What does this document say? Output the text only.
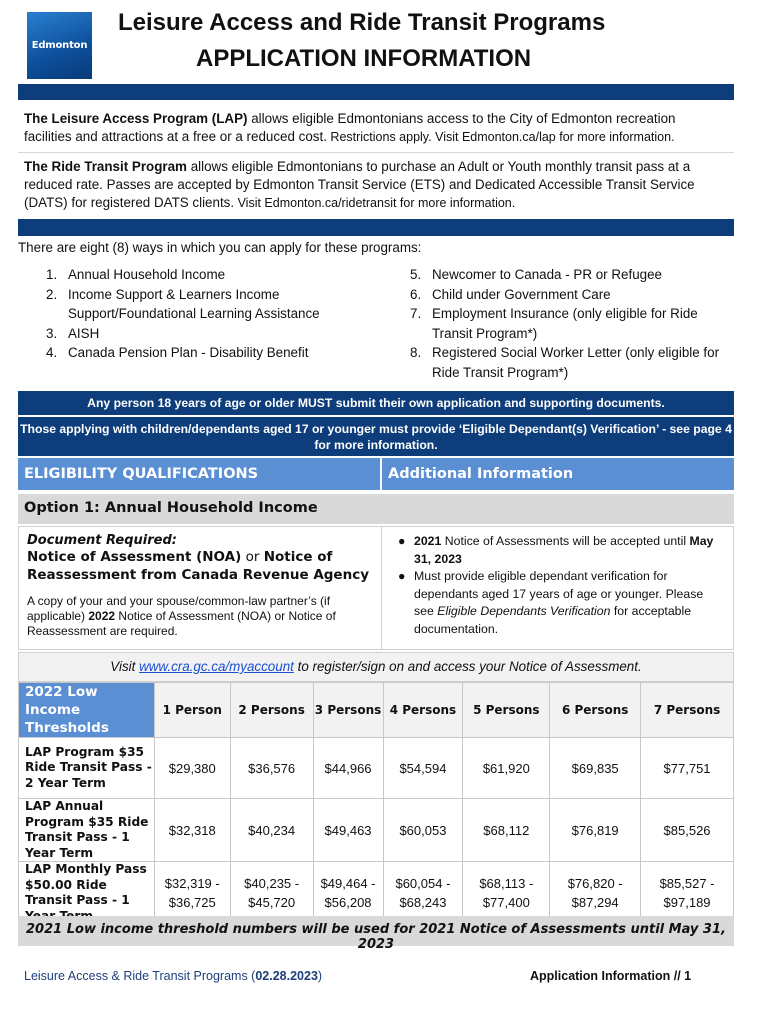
Edmonton
Leisure Access and Ride Transit Programs
APPLICATION INFORMATION
The Leisure Access Program (LAP) allows eligible Edmontonians access to the City of Edmonton recreation facilities and attractions at a free or a reduced cost. Restrictions apply. Visit Edmonton.ca/lap for more information.
The Ride Transit Program allows eligible Edmontonians to purchase an Adult or Youth monthly transit pass at a reduced rate. Passes are accepted by Edmonton Transit Service (ETS) and Dedicated Accessible Transit Service (DATS) for registered DATS clients. Visit Edmonton.ca/ridetransit for more information.
There are eight (8) ways in which you can apply for these programs:
1. Annual Household Income
2. Income Support & Learners Income Support/Foundational Learning Assistance
3. AISH
4. Canada Pension Plan - Disability Benefit
5. Newcomer to Canada - PR or Refugee
6. Child under Government Care
7. Employment Insurance (only eligible for Ride Transit Program*)
8. Registered Social Worker Letter (only eligible for Ride Transit Program*)
Any person 18 years of age or older MUST submit their own application and supporting documents.
Those applying with children/dependants aged 17 or younger must provide ‘Eligible Dependant(s) Verification’ - see page 4 for more information.
ELIGIBILITY QUALIFICATIONS	Additional Information
Option 1: Annual Household Income
Document Required:
Notice of Assessment (NOA) or Notice of Reassessment from Canada Revenue Agency
A copy of your and your spouse/common-law partner’s (if applicable) 2022 Notice of Assessment (NOA) or Notice of Reassessment are required.
● 2021 Notice of Assessments will be accepted until May 31, 2023
● Must provide eligible dependant verification for dependants aged 17 years of age or younger. Please see Eligible Dependants Verification for acceptable documentation.
Visit www.cra.gc.ca/myaccount to register/sign on and access your Notice of Assessment.
2022 Low Income Thresholds	1 Person	2 Persons	3 Persons	4 Persons	5 Persons	6 Persons	7 Persons
LAP Program $35 Ride Transit Pass - 2 Year Term	$29,380	$36,576	$44,966	$54,594	$61,920	$69,835	$77,751
LAP Annual Program $35 Ride Transit Pass - 1 Year Term	$32,318	$40,234	$49,463	$60,053	$68,112	$76,819	$85,526
LAP Monthly Pass $50.00 Ride Transit Pass - 1	$32,319 - $36,725	$40,235 - $45,720	$49,464 - $56,208	$60,054 - $68,243	$68,113 - $77,400	$76,820 - $87,294	$85,527 - $97,189
2021 Low income threshold numbers will be used for 2021 Notice of Assessments until May 31, 2023
Leisure Access & Ride Transit Programs (02.28.2023)	Application Information // 1
